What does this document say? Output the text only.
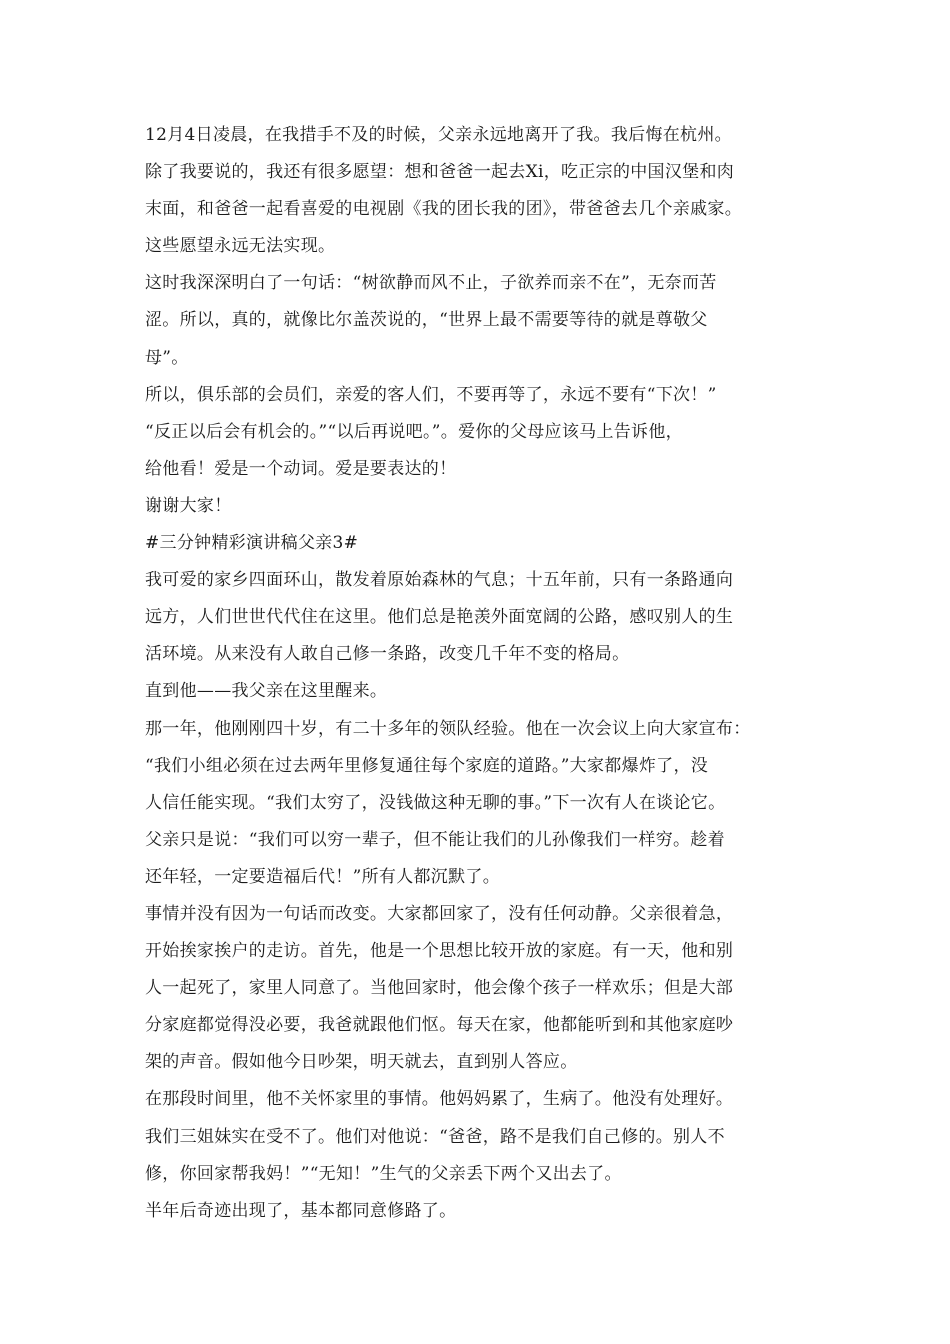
12月4日凌晨，在我措手不及的时候，父亲永远地离开了我。我后悔在杭州。
除了我要说的，我还有很多愿望：想和爸爸一起去Xi，吃正宗的中国汉堡和肉
末面，和爸爸一起看喜爱的电视剧《我的团长我的团》，带爸爸去几个亲戚家。
这些愿望永远无法实现。
这时我深深明白了一句话：“树欲静而风不止，子欲养而亲不在”，无奈而苦
涩。所以，真的，就像比尔盖茨说的，“世界上最不需要等待的就是尊敬父
母”。
所以，俱乐部的会员们，亲爱的客人们，不要再等了，永远不要有“下次！”
“反正以后会有机会的。”“以后再说吧。”。爱你的父母应该马上告诉他，
给他看！爱是一个动词。爱是要表达的！
谢谢大家！
#三分钟精彩演讲稿父亲3#
我可爱的家乡四面环山，散发着原始森林的气息；十五年前，只有一条路通向
远方，人们世世代代住在这里。他们总是艳羡外面宽阔的公路，感叹别人的生
活环境。从来没有人敢自己修一条路，改变几千年不变的格局。
直到他——我父亲在这里醒来。
那一年，他刚刚四十岁，有二十多年的领队经验。他在一次会议上向大家宣布：
“我们小组必须在过去两年里修复通往每个家庭的道路。”大家都爆炸了，没
人信任能实现。“我们太穷了，没钱做这种无聊的事。”下一次有人在谈论它。
父亲只是说：“我们可以穷一辈子，但不能让我们的儿孙像我们一样穷。趁着
还年轻，一定要造福后代！”所有人都沉默了。
事情并没有因为一句话而改变。大家都回家了，没有任何动静。父亲很着急，
开始挨家挨户的走访。首先，他是一个思想比较开放的家庭。有一天，他和别
人一起死了，家里人同意了。当他回家时，他会像个孩子一样欢乐；但是大部
分家庭都觉得没必要，我爸就跟他们怄。每天在家，他都能听到和其他家庭吵
架的声音。假如他今日吵架，明天就去，直到别人答应。
在那段时间里，他不关怀家里的事情。他妈妈累了，生病了。他没有处理好。
我们三姐妹实在受不了。他们对他说：“爸爸，路不是我们自己修的。别人不
修，你回家帮我妈！”“无知！”生气的父亲丢下两个又出去了。
半年后奇迹出现了，基本都同意修路了。
